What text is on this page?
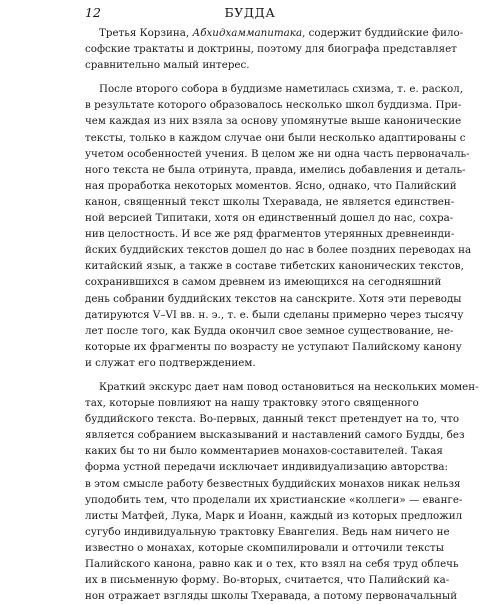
12	БУДДА

Третья Корзина, Абхидхаммапитака, содержит буддийские фило-
софские трактаты и доктрины, поэтому для биографа представляет
сравнительно малый интерес.

После второго собора в буддизме наметилась схизма, т. е. раскол,
в результате которого образовалось несколько школ буддизма. При-
чем каждая из них взяла за основу упомянутые выше канонические
тексты, только в каждом случае они были несколько адаптированы с
учетом особенностей учения. В целом же ни одна часть первоначаль-
ного текста не была отринута, правда, имелись добавления и деталь-
ная проработка некоторых моментов. Ясно, однако, что Палийский
канон, священный текст школы Тхеравада, не является единствен-
ной версией Типитаки, хотя он единственный дошел до нас, сохра-
нив целостность. И все же ряд фрагментов утерянных древнеинди-
йских буддийских текстов дошел до нас в более поздних переводах на
китайский язык, а также в составе тибетских канонических текстов,
сохранившихся в самом древнем из имеющихся на сегодняшний
день собрании буддийских текстов на санскрите. Хотя эти переводы
датируются V–VI вв. н. э., т. е. были сделаны примерно через тысячу
лет после того, как Будда окончил свое земное существование, не-
которые их фрагменты по возрасту не уступают Палийскому канону
и служат его подтверждением.

Краткий экскурс дает нам повод остановиться на нескольких момен-
тах, которые повлияют на нашу трактовку этого священного
буддийского текста. Во-первых, данный текст претендует на то, что
является собранием высказываний и наставлений самого Будды, без
каких бы то ни было комментариев монахов-составителей. Такая
форма устной передачи исключает индивидуализацию авторства:
в этом смысле работу безвестных буддийских монахов никак нельзя
уподобить тем, что проделали их христианские «коллеги» — еванге-
листы Матфей, Лука, Марк и Иоанн, каждый из которых предложил
сугубо индивидуальную трактовку Евангелия. Ведь нам ничего не
известно о монахах, которые скомпилировали и отточили тексты
Палийского канона, равно как и о тех, кто взял на себя труд облечь
их в письменную форму. Во-вторых, считается, что Палийский ка-
нон отражает взгляды школы Тхеравада, а потому первоначальный
